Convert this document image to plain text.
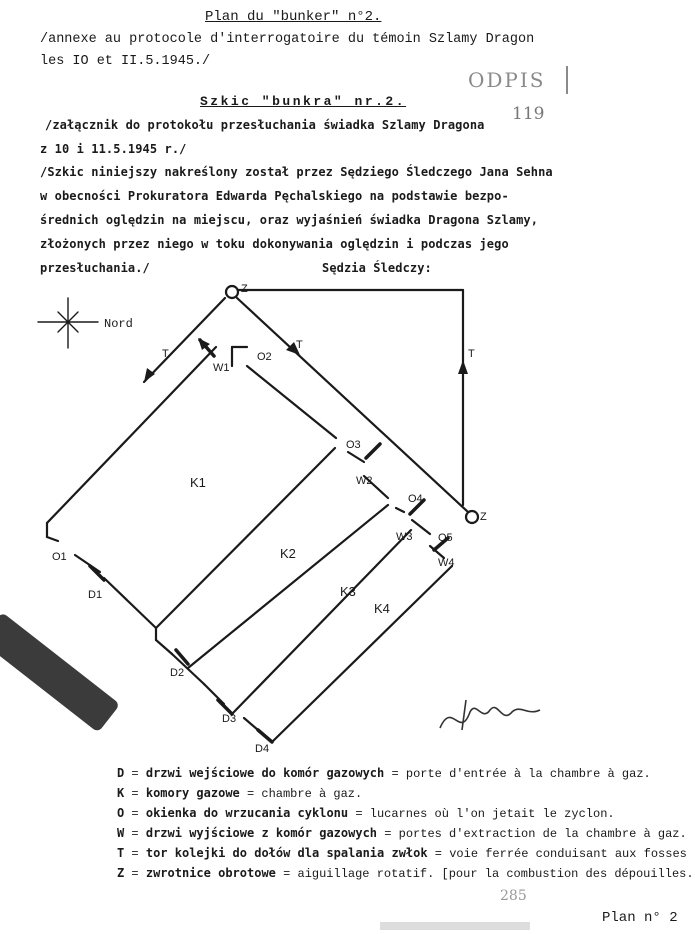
Plan du "bunker" n°2.
/annexe au protocole d'interrogatoire du témoin Szlamy Dragon
les IO et II.5.1945./
ODPIS
119
Szkic "bunkra" nr.2.
/załącznik do protokołu przesłuchania świadka Szlamy Dragona
z 10 i 11.5.1945 r./
/Szkic niniejszy nakreślony został przez Sędziego Śledczego Jana Sehna
w obecności Prokuratora Edwarda Pęchalskiego na podstawie bezpo-
średnich oględzin na miejscu, oraz wyjaśnień świadka Dragona Szlamy,
złożonych przez niego w toku dokonywania oględzin i podczas jego
przesłuchania./	Sędzia Śledczy:
Z
Z
T
T
T
W1
W2
W3
W4
O1
O2
O3
O4
O5
K1
K2
K3
K4
D1
D2
D3
D4
Nord
D = drzwi wejściowe do komór gazowych = porte d'entrée à la chambre à gaz.
K = komory gazowe = chambre à gaz.
O = okienka do wrzucania cyklonu = lucarnes où l'on jetait le zyclon.
W = drzwi wyjściowe z komór gazowych = portes d'extraction de la chambre à gaz.
T = tor kolejki do dołów dla spalania zwłok = voie ferrée conduisant aux fosses
Z = zwrotnice obrotowe = aiguillage rotatif. [pour la combustion des dépouilles.
285
Plan n° 2
